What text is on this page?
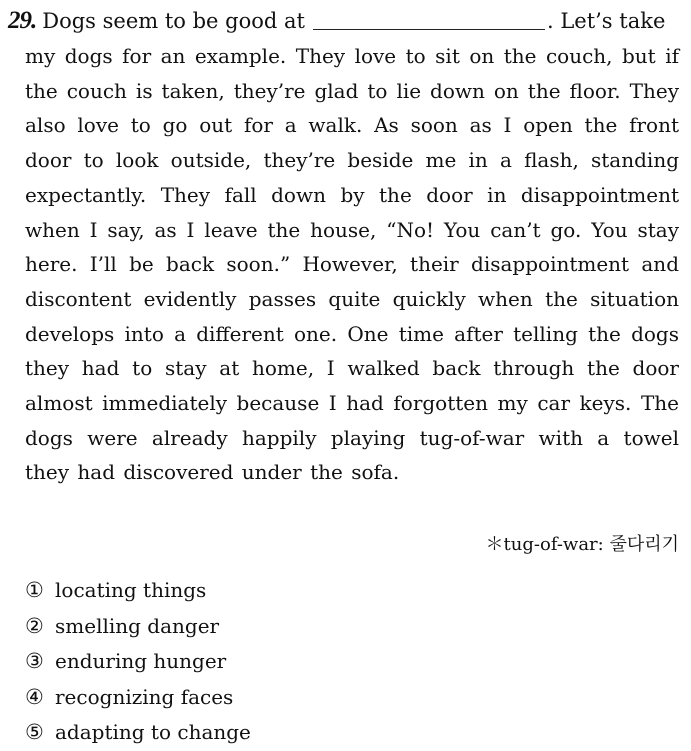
29. Dogs seem to be good at	. Let’s take
my dogs for an example. They love to sit on the couch, but if the couch is taken, they’re glad to lie down on the floor. They also love to go out for a walk. As soon as I open the front door to look outside, they’re beside me in a flash, standing expectantly. They fall down by the door in disappointment when I say, as I leave the house, “No! You can’t go. You stay here. I’ll be back soon.” However, their disappointment and discontent evidently passes quite quickly when the situation develops into a different one. One time after telling the dogs they had to stay at home, I walked back through the door almost immediately because I had forgotten my car keys. The dogs were already happily playing tug-of-war with a towel they had discovered under the sofa.
＊tug-of-war: 줄다리기
① locating things
② smelling danger
③ enduring hunger
④ recognizing faces
⑤ adapting to change
